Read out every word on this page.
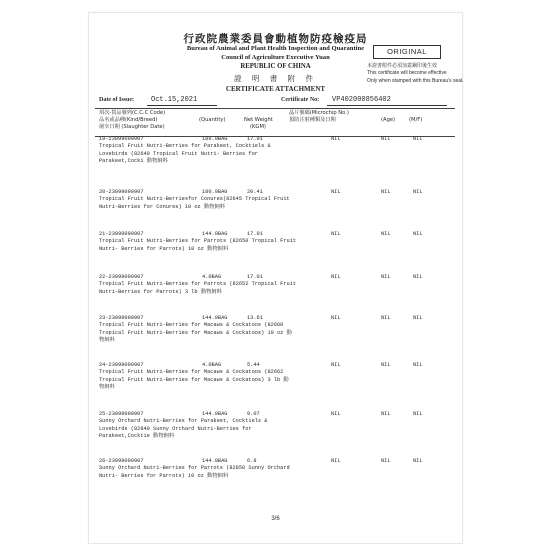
行政院農業委員會動植物防疫檢疫局
Bureau of Animal and Plant Health Inspection and Quarantine
Council of Agriculture Executive Yuan
REPUBLIC OF CHINA
證 明 書 附 件
CERTIFICATE ATTACHMENT
ORIGINAL
本證書附件必須加蓋鋼印後生效
This certificate will become effective
Only when stamped with this Bureau's seal.
Date of Issue: Oct.15,2021	Certificate No: VP402000856402
項次-貨品號列(C.C.C Code)
品名或品種(Kind/Breed)
屠宰日期 (Slaughter Date)
(Quantity)	Net Weight
(KGM)
晶片號碼(Microchip No.)
預防注射種類及日期	(Age)	(M/F)
19-23099090907	180.0BAG	17.01	NIL	NIL	NIL
Tropical Fruit Nutri-Berries for Parakeet, Cocktiels &
Lovebirds (82640 Tropical Fruit Nutri- Berries for
Parakeet,Cocki 動物飼料
20-23099090907	180.0BAG	20.41	NIL	NIL	NIL
Tropical Fruit Nutri-Berriesfor Conures(82645 Tropical Fruit
Nutri-Berries for Conures) 10 oz 動物飼料
21-23099090907	144.0BAG	17.01	NIL	NIL	NIL
Tropical Fruit Nutri-Berries for Parrots (82650 Tropical Fruit
Nutri- Berries for Parrots) 10 oz 動物飼料
22-23099090907	4.0BAG	17.01	NIL	NIL	NIL
Tropical Fruit Nutri-Berries for Parrots (82652 Tropical Fruit
Nutri-Berries for Parrots) 3 lb 動物飼料
23-23099090907	144.0BAG	13.61	NIL	NIL	NIL
Tropical Fruit Nutri-Berries for Macaws & Cockatoos (82660
Tropical Fruit Nutri-Berries for Macaws & Cockatoos) 10 oz 動
物飼料
24-23099090907	4.0BAG	5.44	NIL	NIL	NIL
Tropical Fruit Nutri-Berries for Macaws & Cockatoos (82662
Tropical Fruit Nutri-Berries for Macaws & Cockatoos) 3 lb 動
物飼料
25-23099090907	144.0BAG	9.07	NIL	NIL	NIL
Sunny Orchard Nutri-Berries for Parakeet, Cocktiels &
Lovebirds (82840 Sunny Orchard Nutri-Berries for
Parakeet,Cocktie 動物飼料
26-23099090907	144.0BAG	6.8	NIL	NIL	NIL
Sunny Orchard Nutri-Berries for Parrots (82850 Sunny Orchard
Nutri- Berries for Parrots) 10 oz 動物飼料
3/6
